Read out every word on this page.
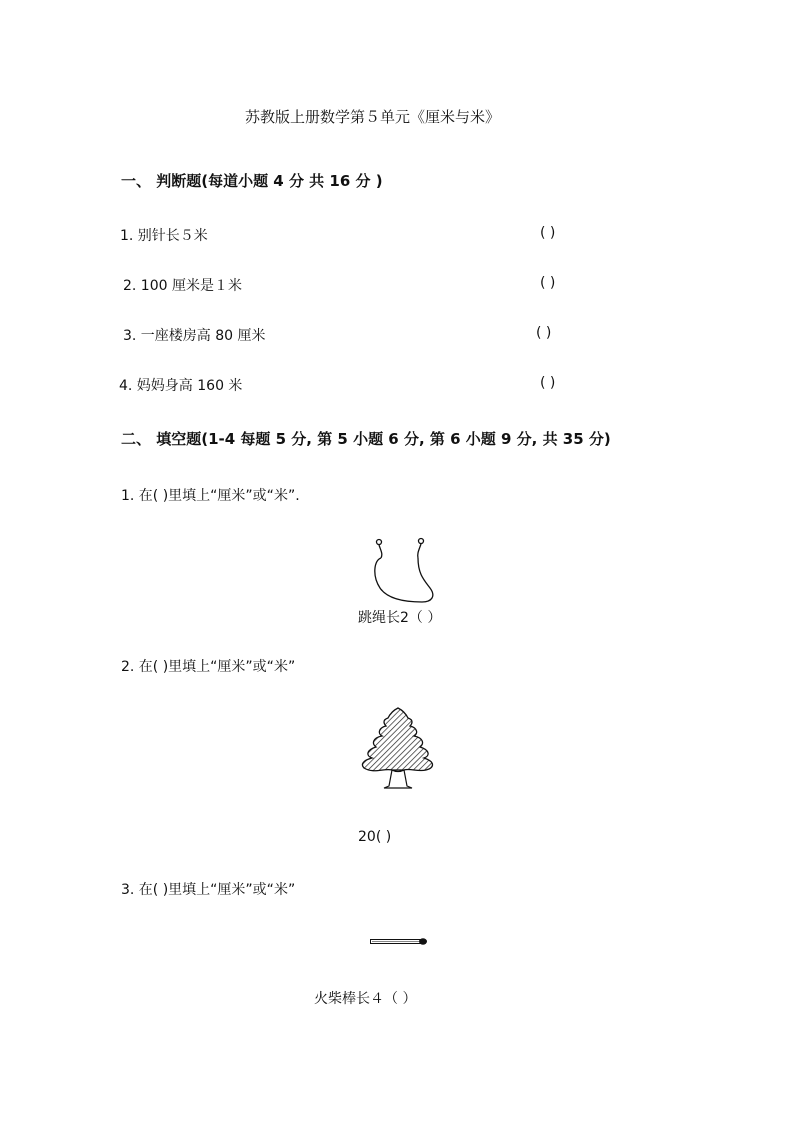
苏教版上册数学第５单元《厘米与米》
一、 判断题(每道小题 4 分 共 16 分 )
1. 别针长５米	( )
2. 100 厘米是１米	( )
3. 一座楼房高 80 厘米	( )
4. 妈妈身高 160 米	( )
二、 填空题(1-4 每题 5 分, 第 5 小题 6 分, 第 6 小题 9 分, 共 35 分)
1. 在( )里填上“厘米”或“米”.
跳绳长2（ ）
2. 在( )里填上“厘米”或“米”
20( )
3. 在( )里填上“厘米”或“米”
火柴棒长４（ ）
